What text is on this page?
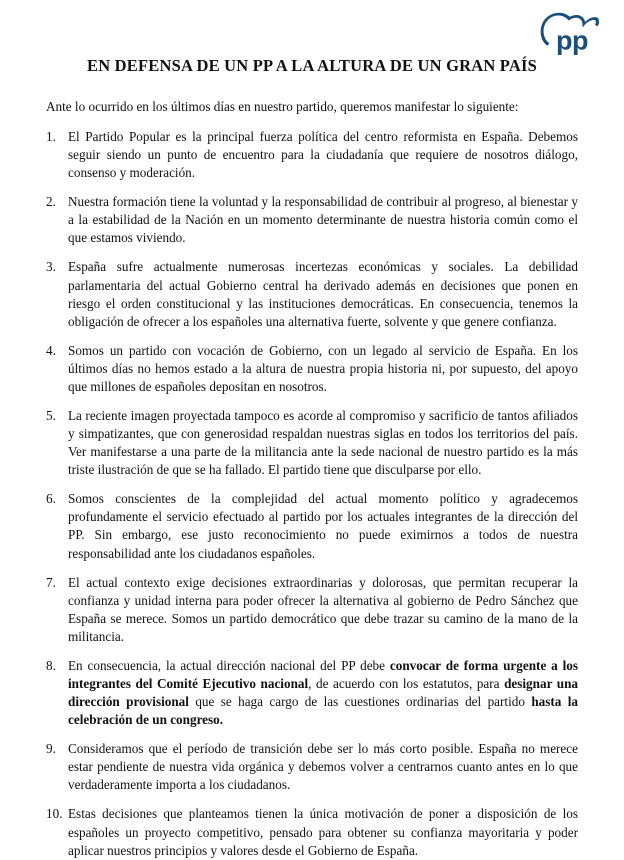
pp
EN DEFENSA DE UN PP A LA ALTURA DE UN GRAN PAÍS

Ante lo ocurrido en los últimos días en nuestro partido, queremos manifestar lo siguiente:

1. El Partido Popular es la principal fuerza política del centro reformista en España. Debemos seguir siendo un punto de encuentro para la ciudadanía que requiere de nosotros diálogo, consenso y moderación.
2. Nuestra formación tiene la voluntad y la responsabilidad de contribuir al progreso, al bienestar y a la estabilidad de la Nación en un momento determinante de nuestra historia común como el que estamos viviendo.
3. España sufre actualmente numerosas incertezas económicas y sociales. La debilidad parlamentaria del actual Gobierno central ha derivado además en decisiones que ponen en riesgo el orden constitucional y las instituciones democráticas. En consecuencia, tenemos la obligación de ofrecer a los españoles una alternativa fuerte, solvente y que genere confianza.
4. Somos un partido con vocación de Gobierno, con un legado al servicio de España. En los últimos días no hemos estado a la altura de nuestra propia historia ni, por supuesto, del apoyo que millones de españoles depositan en nosotros.
5. La reciente imagen proyectada tampoco es acorde al compromiso y sacrificio de tantos afiliados y simpatizantes, que con generosidad respaldan nuestras siglas en todos los territorios del país. Ver manifestarse a una parte de la militancia ante la sede nacional de nuestro partido es la más triste ilustración de que se ha fallado. El partido tiene que disculparse por ello.
6. Somos conscientes de la complejidad del actual momento político y agradecemos profundamente el servicio efectuado al partido por los actuales integrantes de la dirección del PP. Sin embargo, ese justo reconocimiento no puede eximirnos a todos de nuestra responsabilidad ante los ciudadanos españoles.
7. El actual contexto exige decisiones extraordinarias y dolorosas, que permitan recuperar la confianza y unidad interna para poder ofrecer la alternativa al gobierno de Pedro Sánchez que España se merece. Somos un partido democrático que debe trazar su camino de la mano de la militancia.
8. En consecuencia, la actual dirección nacional del PP debe convocar de forma urgente a los integrantes del Comité Ejecutivo nacional, de acuerdo con los estatutos, para designar una dirección provisional que se haga cargo de las cuestiones ordinarias del partido hasta la celebración de un congreso.
9. Consideramos que el período de transición debe ser lo más corto posible. España no merece estar pendiente de nuestra vida orgánica y debemos volver a centrarnos cuanto antes en lo que verdaderamente importa a los ciudadanos.
10. Estas decisiones que planteamos tienen la única motivación de poner a disposición de los españoles un proyecto competitivo, pensado para obtener su confianza mayoritaria y poder aplicar nuestros principios y valores desde el Gobierno de España.
